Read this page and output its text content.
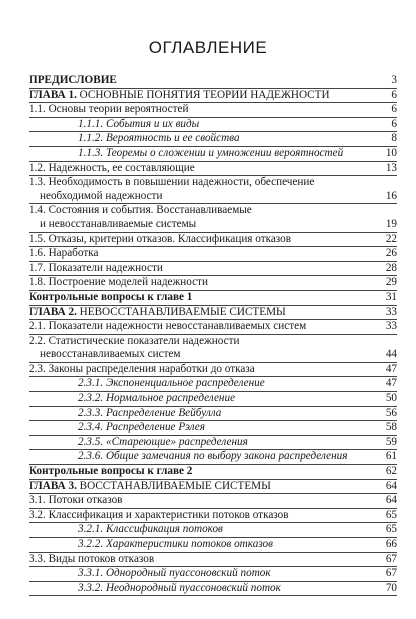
ОГЛАВЛЕНИЕ
ПРЕДИСЛОВИЕ	3
ГЛАВА 1. ОСНОВНЫЕ ПОНЯТИЯ ТЕОРИИ НАДЕЖНОСТИ	6
1.1. Основы теории вероятностей	6
1.1.1. События и их виды	6
1.1.2. Вероятность и ее свойства	8
1.1.3. Теоремы о сложении и умножении вероятностей	10
1.2. Надежность, ее составляющие	13
1.3. Необходимость в повышении надежности, обеспечение
необходимой надежности	16
1.4. Состояния и события. Восстанавливаемые
и невосстанавливаемые системы	19
1.5. Отказы, критерии отказов. Классификация отказов	22
1.6. Наработка	26
1.7. Показатели надежности	28
1.8. Построение моделей надежности	29
Контрольные вопросы к главе 1	31
ГЛАВА 2. НЕВОССТАНАВЛИВАЕМЫЕ СИСТЕМЫ	33
2.1. Показатели надежности невосстанавливаемых систем	33
2.2. Статистические показатели надежности
невосстанавливаемых систем	44
2.3. Законы распределения наработки до отказа	47
2.3.1. Экспоненциальное распределение	47
2.3.2. Нормальное распределение	50
2.3.3. Распределение Вейбулла	56
2.3.4. Распределение Рэлея	58
2.3.5. «Стареющие» распределения	59
2.3.6. Общие замечания по выбору закона распределения	61
Контрольные вопросы к главе 2	62
ГЛАВА 3. ВОССТАНАВЛИВАЕМЫЕ СИСТЕМЫ	64
3.1. Потоки отказов	64
3.2. Классификация и характеристики потоков отказов	65
3.2.1. Классификация потоков	65
3.2.2. Характеристики потоков отказов	66
3.3. Виды потоков отказов	67
3.3.1. Однородный пуассоновский поток	67
3.3.2. Неоднородный пуассоновский поток	70
